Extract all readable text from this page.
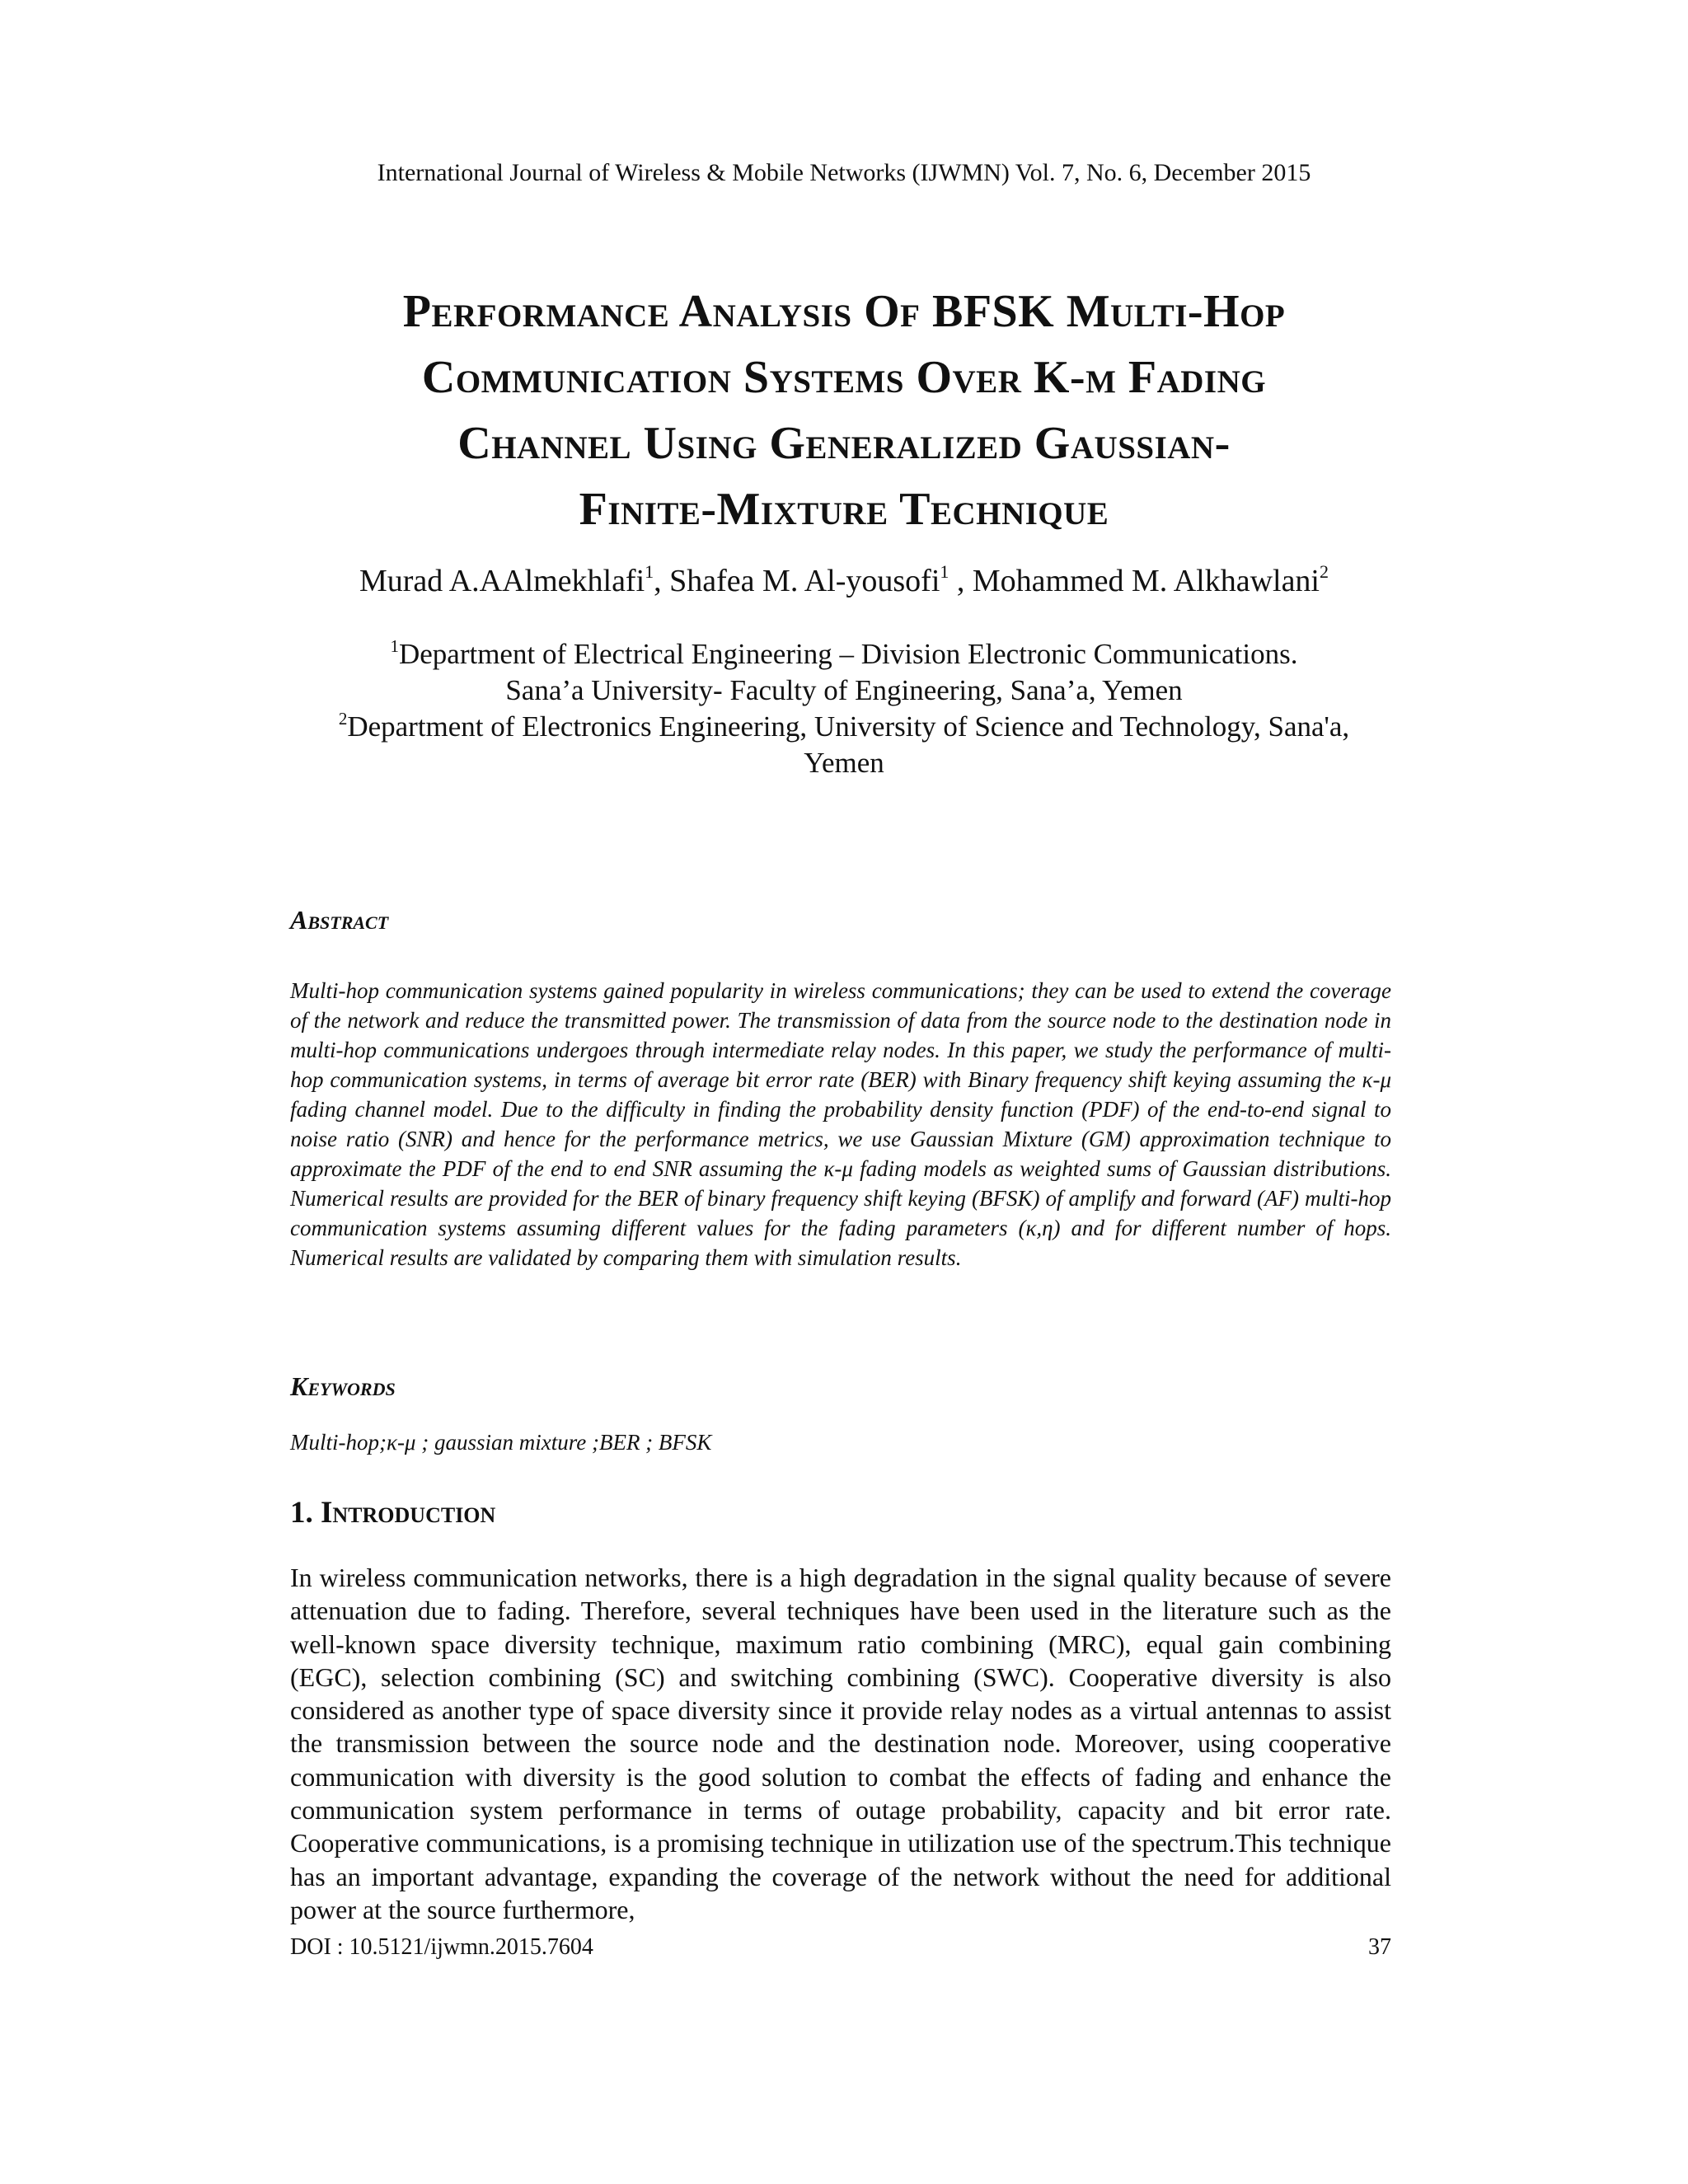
International Journal of Wireless & Mobile Networks (IJWMN) Vol. 7, No. 6, December 2015
Performance Analysis Of BFSK Multi-Hop
Communication Systems Over K-µ Fading
Channel Using Generalized Gaussian-
Finite-Mixture Technique
Murad A.AAlmekhlafi$^1$, Shafea M. Al-yousofi$^1$ , Mohammed M. Alkhawlani$^2$
$^1$Department of Electrical Engineering – Division Electronic Communications.
Sana’a University- Faculty of Engineering, Sana’a, Yemen
$^2$Department of Electronics Engineering, University of Science and Technology, Sana'a,
Yemen
Abstract
Multi-hop communication systems gained popularity in wireless communications; they can be used to extend the coverage of the network and reduce the transmitted power. The transmission of data from the source node to the destination node in multi-hop communications undergoes through intermediate relay nodes. In this paper, we study the performance of multi-hop communication systems, in terms of average bit error rate (BER) with Binary frequency shift keying assuming the κ-μ fading channel model. Due to the difficulty in finding the probability density function (PDF) of the end-to-end signal to noise ratio (SNR) and hence for the performance metrics, we use Gaussian Mixture (GM) approximation technique to approximate the PDF of the end to end SNR assuming the κ-μ fading models as weighted sums of Gaussian distributions. Numerical results are provided for the BER of binary frequency shift keying (BFSK) of amplify and forward (AF) multi-hop communication systems assuming different values for the fading parameters (κ,η) and for different number of hops. Numerical results are validated by comparing them with simulation results.
Keywords
Multi-hop;κ-μ ; gaussian mixture ;BER ; BFSK
1. Introduction
In wireless communication networks, there is a high degradation in the signal quality because of severe attenuation due to fading. Therefore, several techniques have been used in the literature such as the well-known space diversity technique, maximum ratio combining (MRC), equal gain combining (EGC), selection combining (SC) and switching combining (SWC). Cooperative diversity is also considered as another type of space diversity since it provide relay nodes as a virtual antennas to assist the transmission between the source node and the destination node. Moreover, using cooperative communication with diversity is the good solution to combat the effects of fading and enhance the communication system performance in terms of outage probability, capacity and bit error rate. Cooperative communications, is a promising technique in utilization use of the spectrum.This technique has an important advantage, expanding the coverage of the network without the need for additional power at the source furthermore,
DOI : 10.5121/ijwmn.2015.7604	37
